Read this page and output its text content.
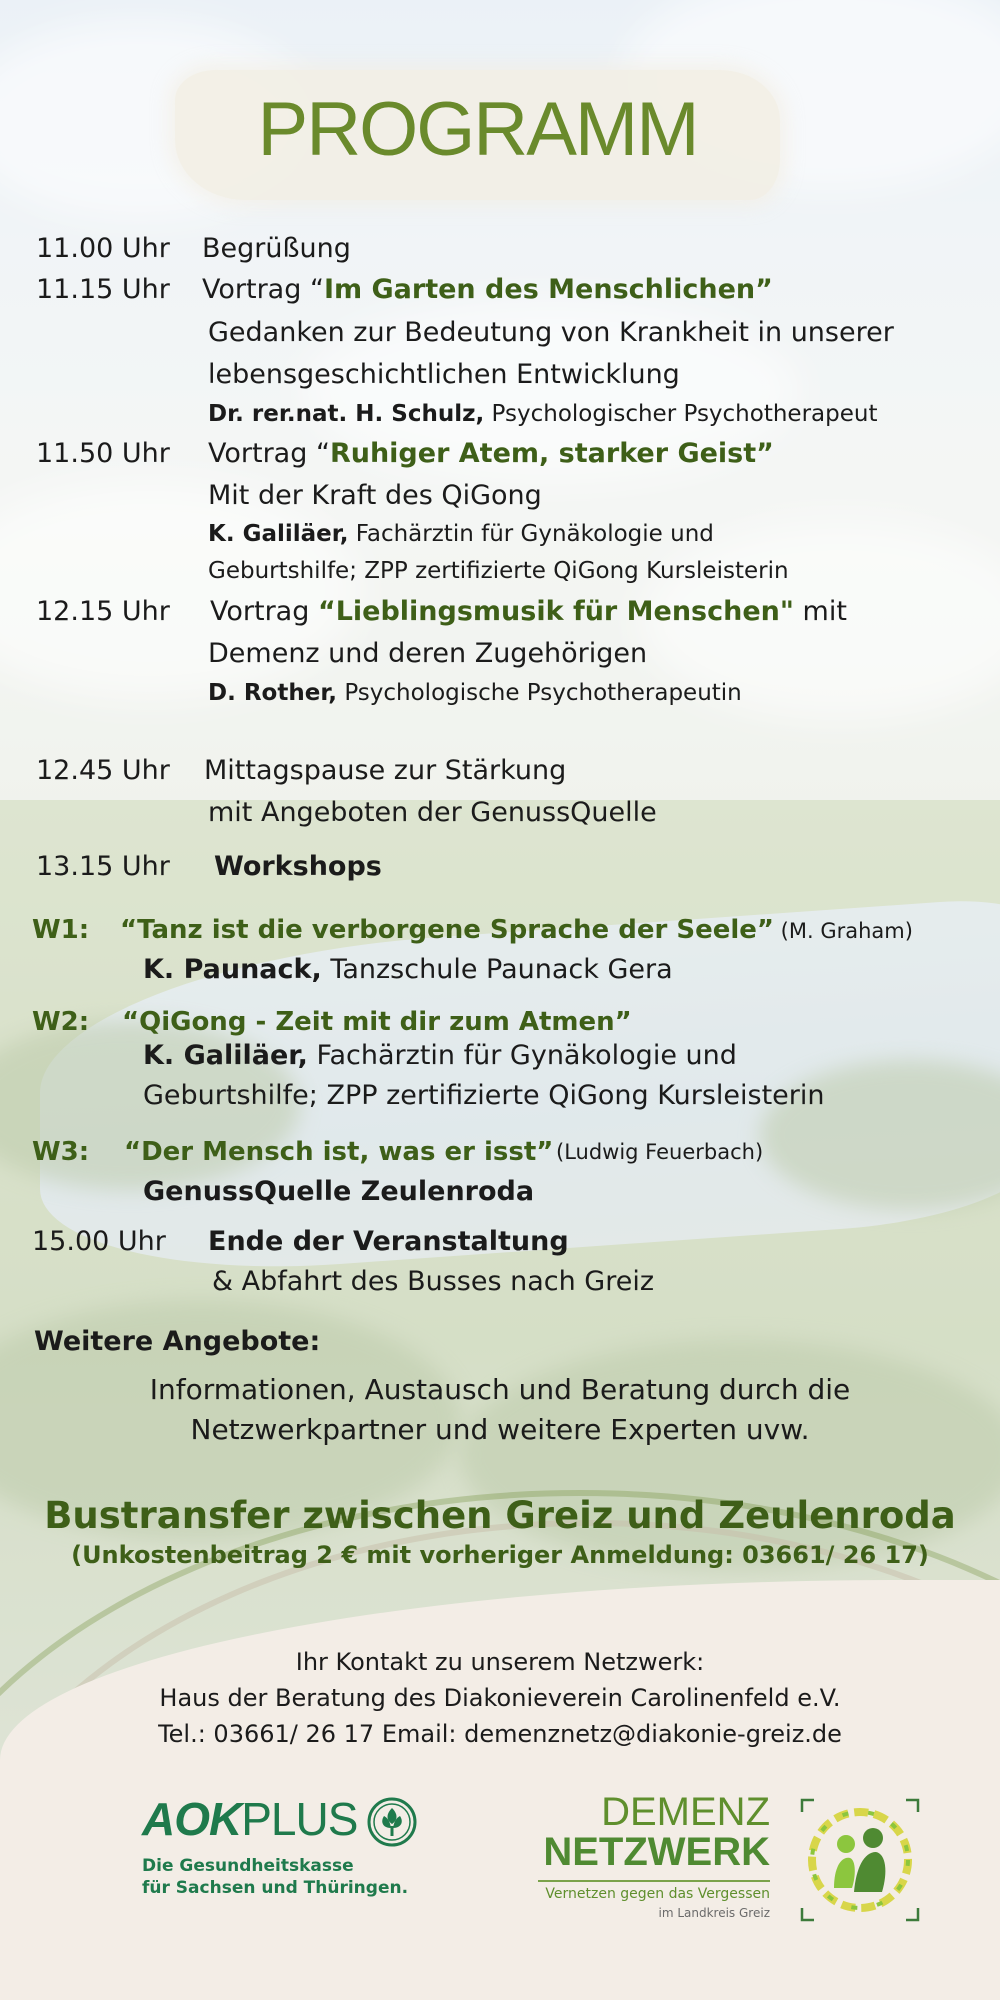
PROGRAMM
11.00 Uhr Begrüßung
11.15 Uhr Vortrag “Im Garten des Menschlichen”
Gedanken zur Bedeutung von Krankheit in unserer
lebensgeschichtlichen Entwicklung
Dr. rer.nat. H. Schulz, Psychologischer Psychotherapeut
11.50 Uhr Vortrag “Ruhiger Atem, starker Geist”
Mit der Kraft des QiGong
K. Galiläer, Fachärztin für Gynäkologie und
Geburtshilfe; ZPP zertifizierte QiGong Kursleisterin
12.15 Uhr Vortrag “Lieblingsmusik für Menschen" mit
Demenz und deren Zugehörigen
D. Rother, Psychologische Psychotherapeutin
12.45 Uhr Mittagspause zur Stärkung
mit Angeboten der GenussQuelle
13.15 Uhr Workshops
W1: “Tanz ist die verborgene Sprache der Seele” (M. Graham)
K. Paunack, Tanzschule Paunack Gera
W2: “QiGong - Zeit mit dir zum Atmen”
K. Galiläer, Fachärztin für Gynäkologie und
Geburtshilfe; ZPP zertifizierte QiGong Kursleisterin
W3: “Der Mensch ist, was er isst” (Ludwig Feuerbach)
GenussQuelle Zeulenroda
15.00 Uhr Ende der Veranstaltung
& Abfahrt des Busses nach Greiz
Weitere Angebote:
Informationen, Austausch und Beratung durch die
Netzwerkpartner und weitere Experten uvw.
Bustransfer zwischen Greiz und Zeulenroda
(Unkostenbeitrag 2 € mit vorheriger Anmeldung: 03661/ 26 17)
Ihr Kontakt zu unserem Netzwerk:
Haus der Beratung des Diakonieverein Carolinenfeld e.V.
Tel.: 03661/ 26 17 Email: demenznetz@diakonie-greiz.de
AOKPLUS
Die Gesundheitskasse
für Sachsen und Thüringen.
DEMENZ
NETZWERK
Vernetzen gegen das Vergessen
im Landkreis Greiz
